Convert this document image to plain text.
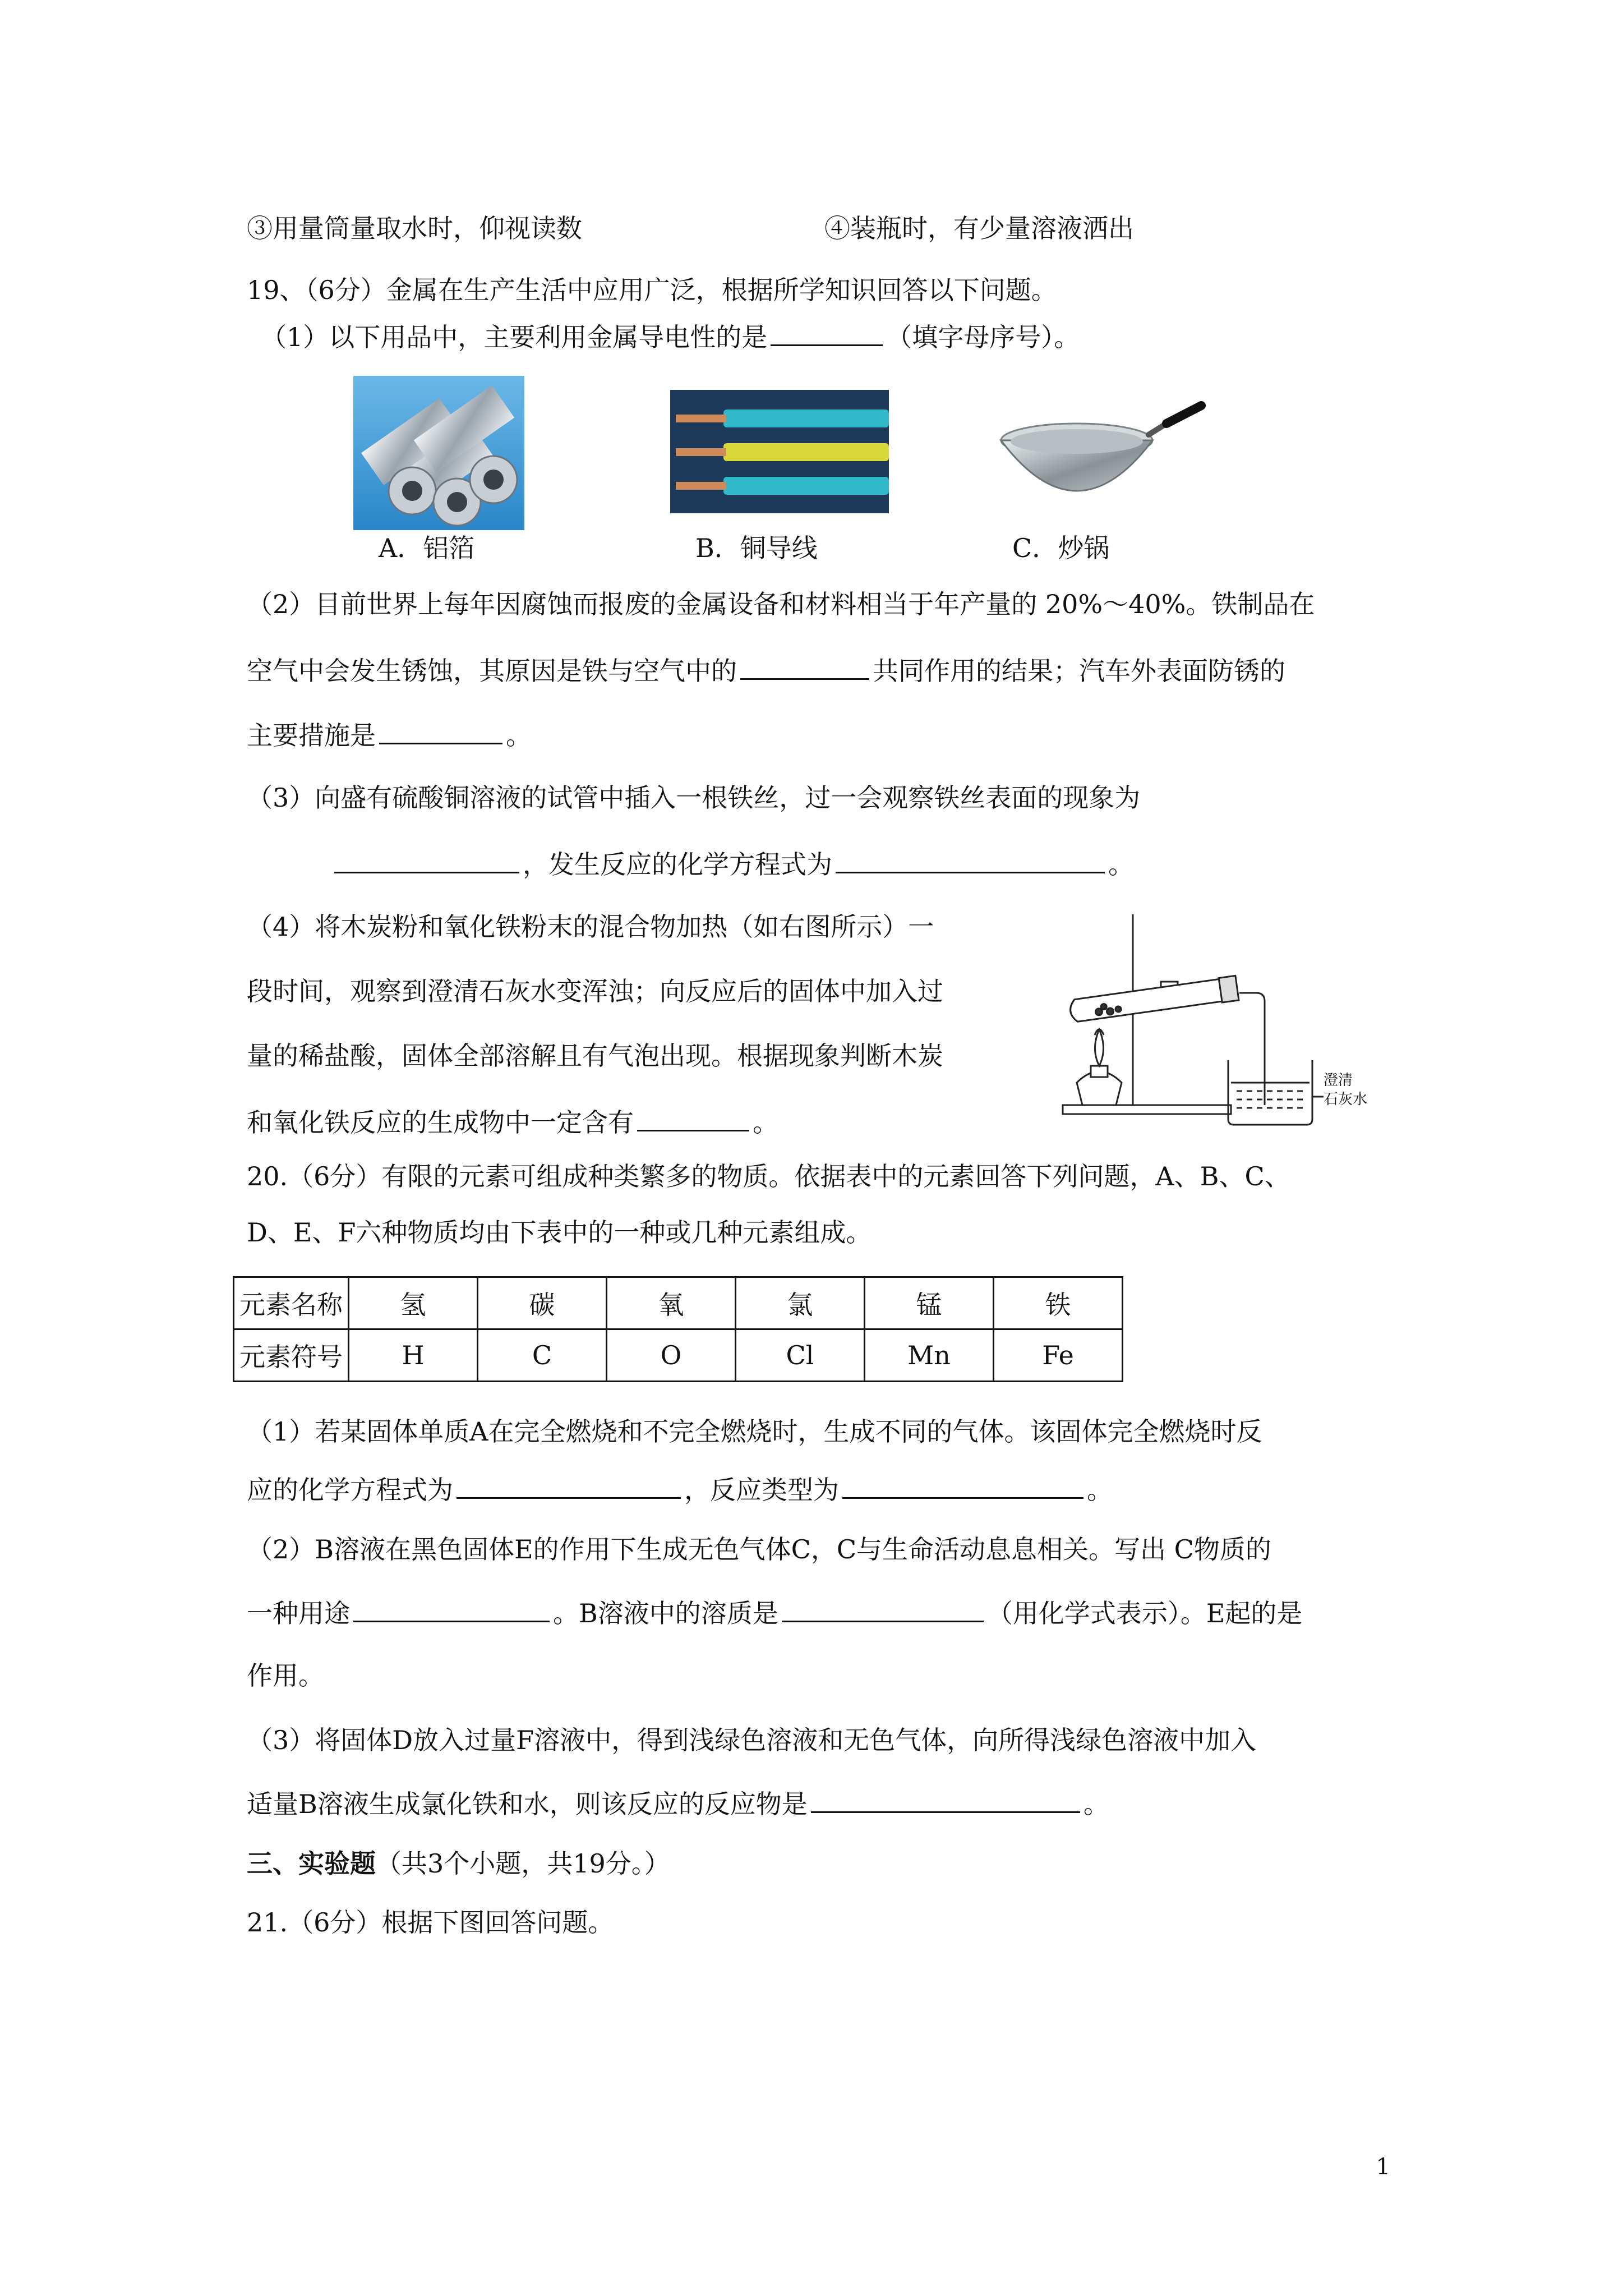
③用量筒量取水时，仰视读数	④装瓶时，有少量溶液洒出
19、（6分）金属在生产生活中应用广泛，根据所学知识回答以下问题。
（1）以下用品中，主要利用金属导电性的是	（填字母序号）。
A．铝箔	B．铜导线	C．炒锅
（2）目前世界上每年因腐蚀而报废的金属设备和材料相当于年产量的 20%～40%。铁制品在
空气中会发生锈蚀，其原因是铁与空气中的	共同作用的结果；汽车外表面防锈的
主要措施是	。
（3）向盛有硫酸铜溶液的试管中插入一根铁丝，过一会观察铁丝表面的现象为
，发生反应的化学方程式为	。
（4）将木炭粉和氧化铁粉末的混合物加热（如右图所示）一
段时间，观察到澄清石灰水变浑浊；向反应后的固体中加入过
量的稀盐酸，固体全部溶解且有气泡出现。根据现象判断木炭
和氧化铁反应的生成物中一定含有	。
澄清
石灰水
20.（6分）有限的元素可组成种类繁多的物质。依据表中的元素回答下列问题，A、B、C、
D、E、F六种物质均由下表中的一种或几种元素组成。
元素名称	氢	碳	氧	氯	锰	铁
元素符号	H	C	O	Cl	Mn	Fe
（1）若某固体单质A在完全燃烧和不完全燃烧时，生成不同的气体。该固体完全燃烧时反
应的化学方程式为	，反应类型为	。
（2）B溶液在黑色固体E的作用下生成无色气体C，C与生命活动息息相关。写出 C物质的
一种用途	。B溶液中的溶质是	（用化学式表示）。E起的是
作用。
（3）将固体D放入过量F溶液中，得到浅绿色溶液和无色气体，向所得浅绿色溶液中加入
适量B溶液生成氯化铁和水，则该反应的反应物是	。
三、实验题（共3个小题，共19分。）
21.（6分）根据下图回答问题。
1
